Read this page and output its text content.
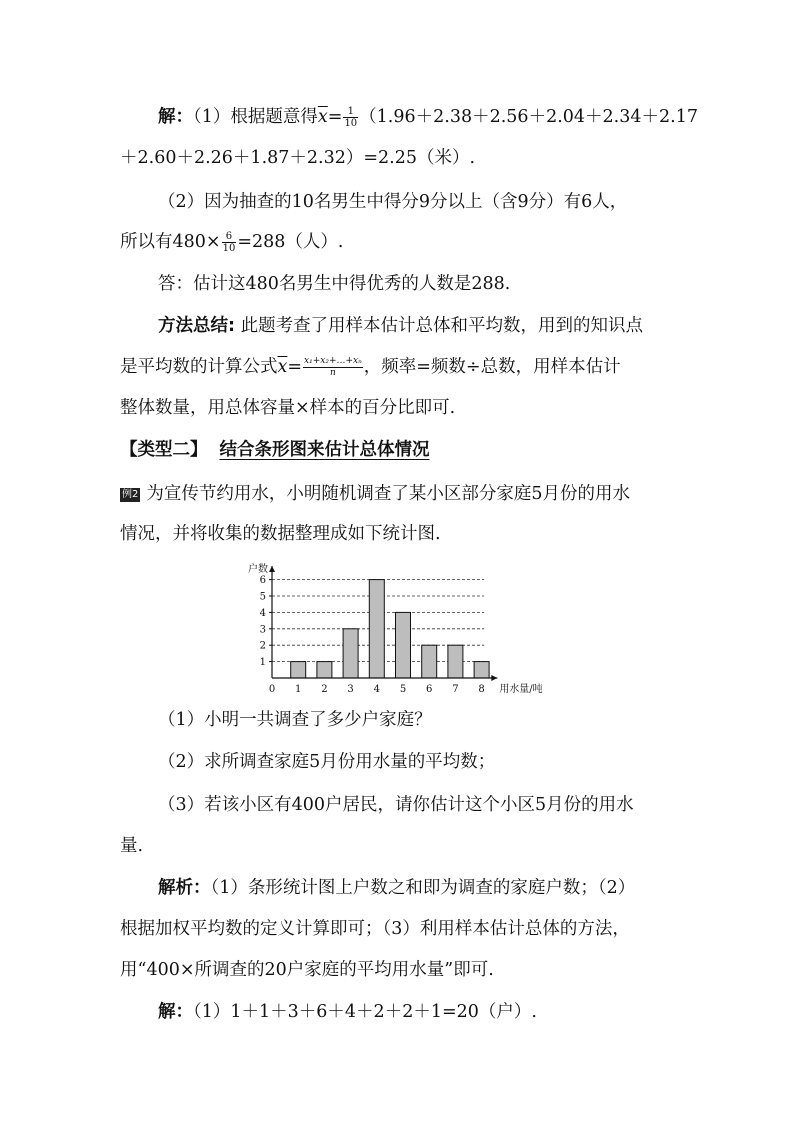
解：（1）根据题意得$\overline{x}= \frac{1}{10} (1.96+2.38+2.56+2.04+2.34+2.17$
＋2.60＋2.26＋1.87＋2.32）=2.25（米）.
（2）因为抽查的10名男生中得分9分以上（含9分）有6人，
所以有$480\times \frac{6}{10} =288$（人）.
答：估计这480名男生中得优秀的人数是288.
方法总结: 此题考查了用样本估计总体和平均数，用到的知识点
是平均数的计算公式$\overline{x}= \frac{\text{x₁+x₂+…+xₙ}}{n}$ ，频率=频数÷总数，用样本估计
整体数量，用总体容量×样本的百分比即可.
【类型二】 结合条形图来估计总体情况
例2 为宣传节约用水，小明随机调查了某小区部分家庭5月份的用水
情况，并将收集的数据整理成如下统计图.
1
2
3
4
5
6
1 2 3 4 5 6 7 8
户数
用水量/吨
0
（1）小明一共调查了多少户家庭？
（2）求所调查家庭5月份用水量的平均数；
（3）若该小区有400户居民，请你估计这个小区5月份的用水
量.
解析：（1）条形统计图上户数之和即为调查的家庭户数；（2）
根据加权平均数的定义计算即可；（3）利用样本估计总体的方法，
用“400×所调查的20户家庭的平均用水量”即可.
解：（1）1＋1＋3＋6＋4＋2＋2＋1=20（户）.
